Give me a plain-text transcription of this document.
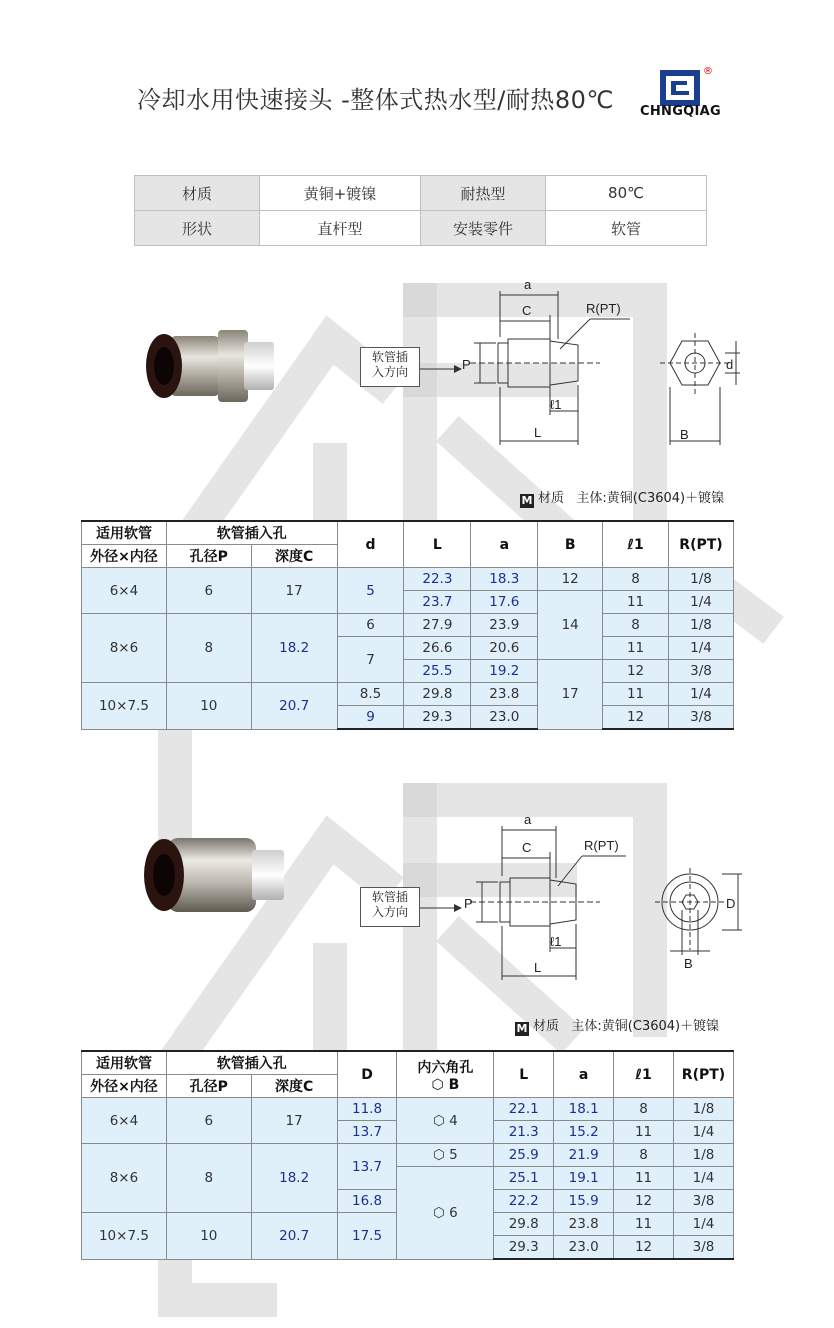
冷却水用快速接头 -整体式热水型/耐热80℃
®
CHNGQIAG
材质	黄铜+镀镍	耐热型	80℃
形状	直杆型	安装零件	软管
a
C	R(PT)
P
ℓ1
L
d
B
软管插
入方向
M 材质 主体:黄铜(C3604)＋镀镍
适用软管	软管插入孔		d	L	a	B	ℓ1	R(PT)
外径×内径	孔径P	深度C						
6×4	6	17	5	22.3	18.3	12	8	1/8
				23.7	17.6	14	11	1/4
8×6	8	18.2	6	27.9	23.9		8	1/8
			7	26.6	20.6		11	1/4
				25.5	19.2	17	12	3/8
10×7.5	10	20.7	8.5	29.8	23.8		11	1/4
			9	29.3	23.0		12	3/8
a
C	R(PT)
P
ℓ1
L
D
B
软管插
入方向
M 材质 主体:黄铜(C3604)＋镀镍
适用软管	软管插入孔		D	内六角孔
⬡ B	L	a	ℓ1	R(PT)
外径×内径	孔径P	深度C						
6×4	6	17	11.8	⬡ 4	22.1	18.1	8	1/8
			13.7		21.3	15.2	11	1/4
8×6	8	18.2	13.7	⬡ 5	25.9	21.9	8	1/8
				⬡ 6	25.1	19.1	11	1/4
			16.8		22.2	15.9	12	3/8
10×7.5	10	20.7	17.5		29.8	23.8	11	1/4
					29.3	23.0	12	3/8
